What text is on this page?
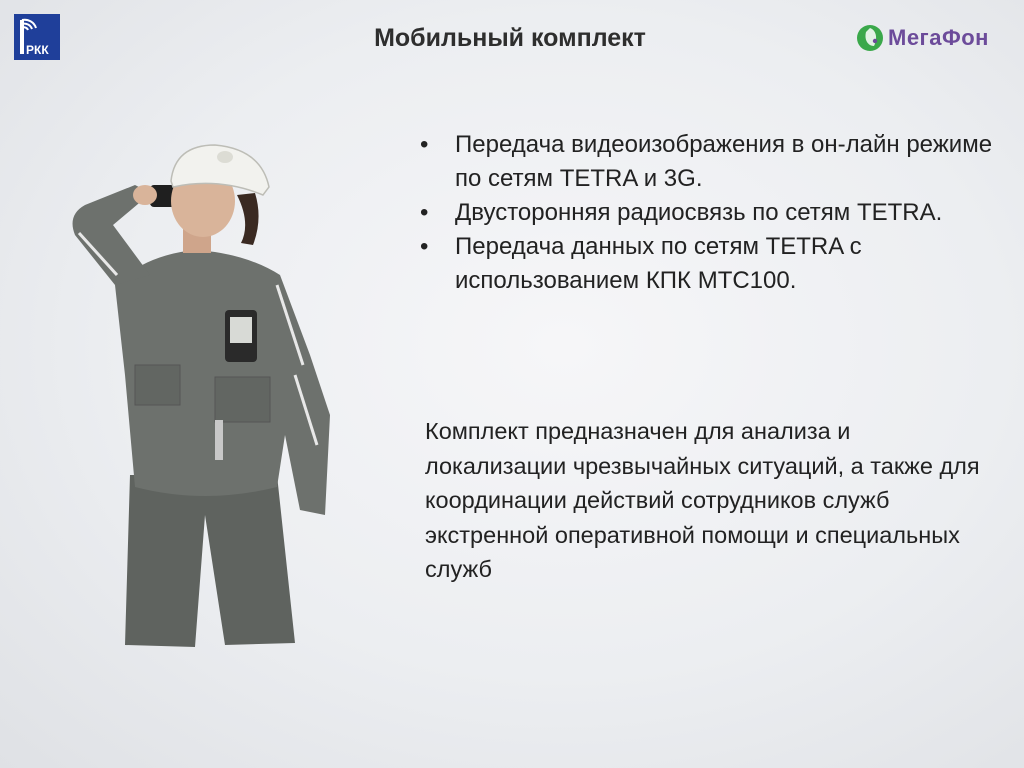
РКК	Мобильный комплект	МегаФон
• Передача видеоизображения в он-лайн режиме по сетям TETRA и 3G.
• Двусторонняя радиосвязь по сетям TETRA.
• Передача данных по сетям TETRA с использованием КПК MTC100.
Комплект предназначен для анализа и локализации чрезвычайных ситуаций, а также для координации действий сотрудников служб экстренной оперативной помощи и специальных служб
